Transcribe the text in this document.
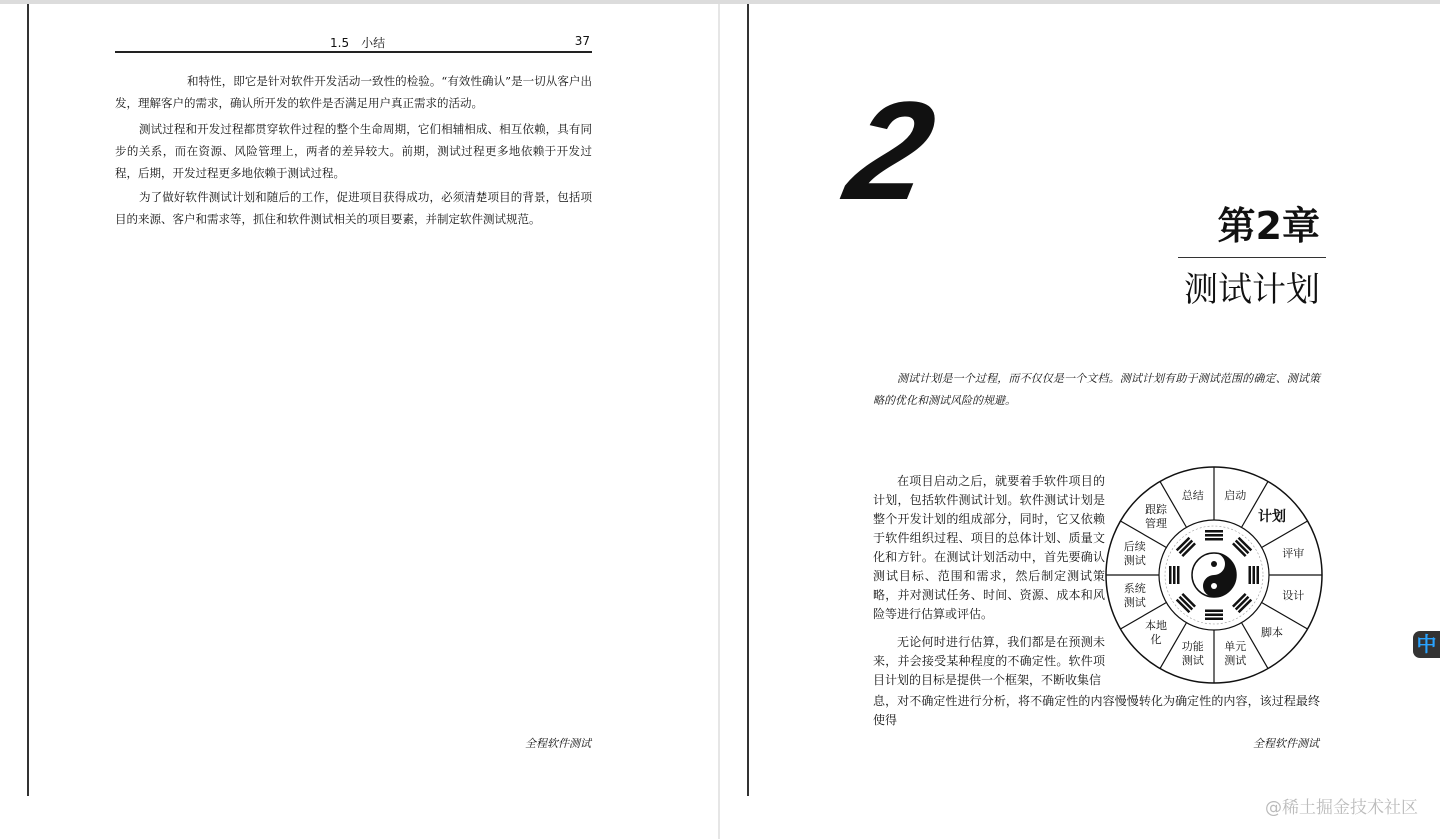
1.5　小结	37
和特性，即它是针对软件开发活动一致性的检验。“有效性确认”是一切从客户出发，理解客户的需求，确认所开发的软件是否满足用户真正需求的活动。
测试过程和开发过程都贯穿软件过程的整个生命周期，它们相辅相成、相互依赖，具有同步的关系，而在资源、风险管理上，两者的差异较大。前期，测试过程更多地依赖于开发过程，后期，开发过程更多地依赖于测试过程。
为了做好软件测试计划和随后的工作，促进项目获得成功，必须清楚项目的背景，包括项目的来源、客户和需求等，抓住和软件测试相关的项目要素，并制定软件测试规范。
全程软件测试
2	第2章
测试计划
测试计划是一个过程，而不仅仅是一个文档。测试计划有助于测试范围的确定、测试策略的优化和测试风险的规避。
在项目启动之后，就要着手软件项目的计划，包括软件测试计划。软件测试计划是整个开发计划的组成部分，同时，它又依赖于软件组织过程、项目的总体计划、质量文化和方针。在测试计划活动中，首先要确认测试目标、范围和需求，然后制定测试策略，并对测试任务、时间、资源、成本和风险等进行估算或评估。
无论何时进行估算，我们都是在预测未来，并会接受某种程度的不确定性。软件项目计划的目标是提供一个框架，不断收集信
息，对不确定性进行分析，将不确定性的内容慢慢转化为确定性的内容，该过程最终使得
启动
计划
评审
设计
脚本
单元测试
功能测试
本地化
系统测试
后续测试
跟踪管理
总结
全程软件测试
中
@稀土掘金技术社区
